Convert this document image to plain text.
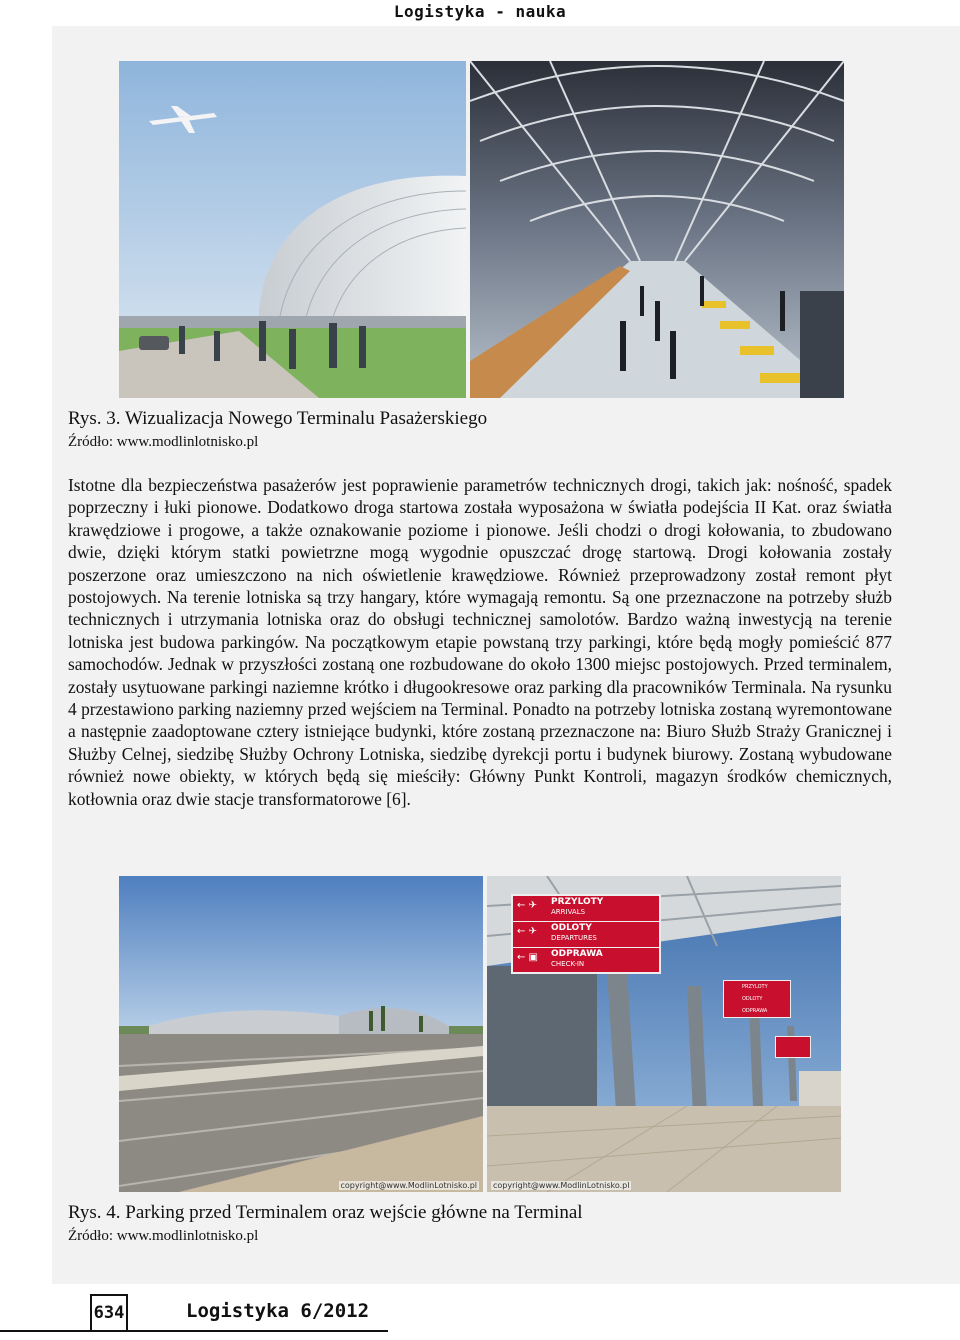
Logistyka - nauka
Rys. 3. Wizualizacja Nowego Terminalu Pasażerskiego
Źródło: www.modlinlotnisko.pl
Istotne dla bezpieczeństwa pasażerów jest poprawienie parametrów technicznych drogi, takich jak: nośność, spadek poprzeczny i łuki pionowe. Dodatkowo droga startowa została wyposażona w światła podejścia II Kat. oraz światła krawędziowe i progowe, a także oznakowanie poziome i pionowe. Jeśli chodzi o drogi kołowania, to zbudowano dwie, dzięki którym statki powietrzne mogą wygodnie opuszczać drogę startową. Drogi kołowania zostały poszerzone oraz umieszczono na nich oświetlenie krawędziowe. Również przeprowadzony został remont płyt postojowych. Na terenie lotniska są trzy hangary, które wymagają remontu. Są one przeznaczone na potrzeby służb technicznych i utrzymania lotniska oraz do obsługi technicznej samolotów. Bardzo ważną inwestycją na terenie lotniska jest budowa parkingów. Na początkowym etapie powstaną trzy parkingi, które będą mogły pomieścić 877 samochodów. Jednak w przyszłości zostaną one rozbudowane do około 1300 miejsc postojowych. Przed terminalem, zostały usytuowane parkingi naziemne krótko i długookresowe oraz parking dla pracowników Terminala. Na rysunku 4 przestawiono parking naziemny przed wejściem na Terminal. Ponadto na potrzeby lotniska zostaną wyremontowane a następnie zaadoptowane cztery istniejące budynki, które zostaną przeznaczone na: Biuro Służb Straży Granicznej i Służby Celnej, siedzibę Służby Ochrony Lotniska, siedzibę dyrekcji portu i budynek biurowy. Zostaną wybudowane również nowe obiekty, w których będą się mieściły: Główny Punkt Kontroli, magazyn środków chemicznych, kotłownia oraz dwie stacje transformatorowe [6].
copyright@www.ModlinLotnisko.pl
← ✈ PRZYLOTY
ARRIVALS
← ✈ ODLOTY
DEPARTURES
← ▣ ODPRAWA
CHECK-IN
PRZYLOTY
ODLOTY
ODPRAWA
copyright@www.ModlinLotnisko.pl
Rys. 4. Parking przed Terminalem oraz wejście główne na Terminal
Źródło: www.modlinlotnisko.pl
634	Logistyka 6/2012
